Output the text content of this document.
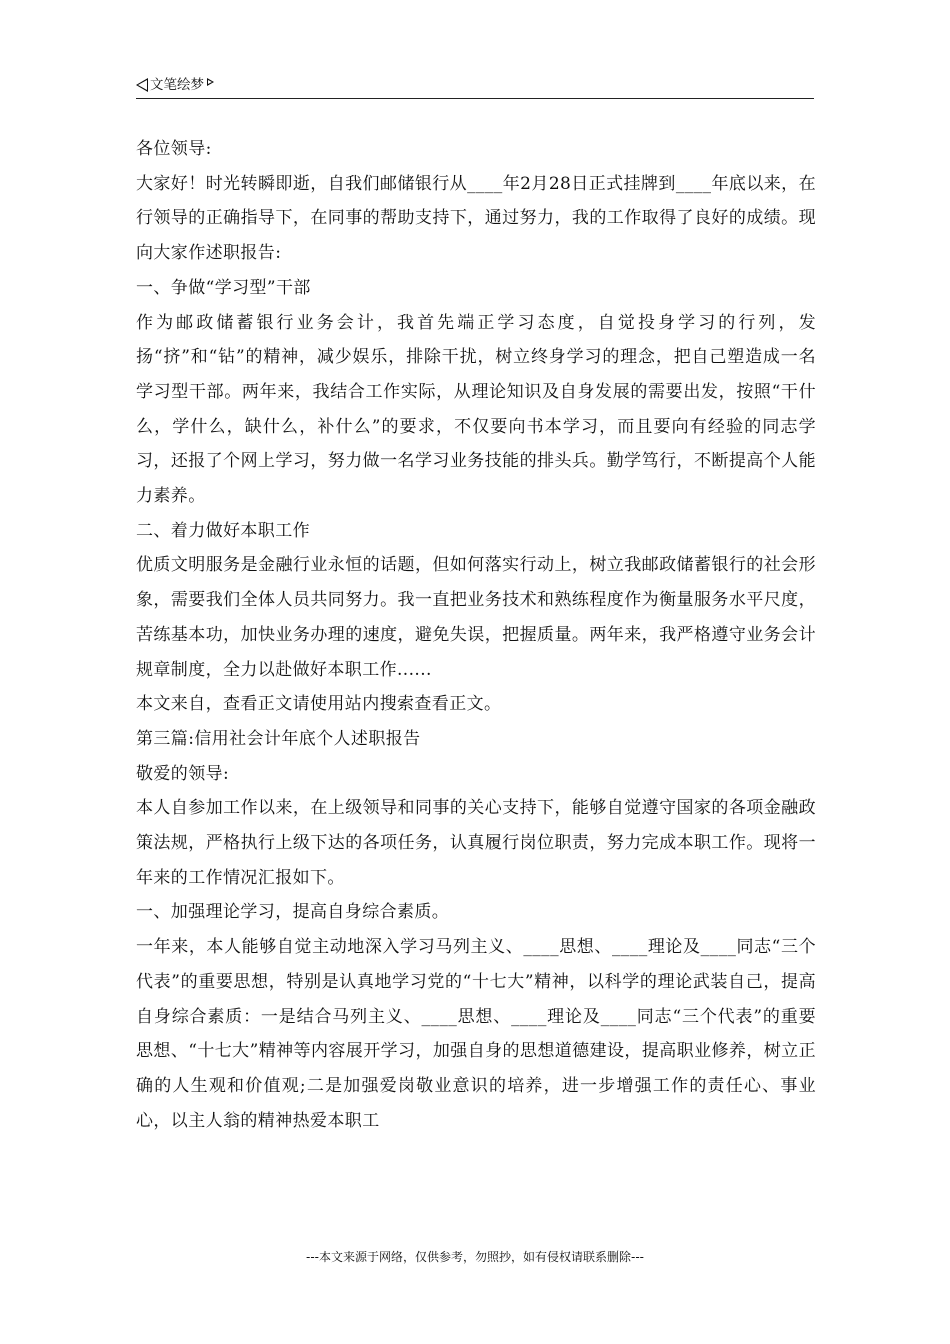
文笔绘梦

各位领导:

大家好！时光转瞬即逝，自我们邮储银行从____年2月28日正式挂牌到____年底以来，在行领导的正确指导下，在同事的帮助支持下，通过努力，我的工作取得了良好的成绩。现向大家作述职报告:

一、争做“学习型”干部

作为邮政储蓄银行业务会计，我首先端正学习态度，自觉投身学习的行列，发扬“挤”和“钻”的精神，减少娱乐，排除干扰，树立终身学习的理念，把自己塑造成一名学习型干部。两年来，我结合工作实际，从理论知识及自身发展的需要出发，按照“干什么，学什么，缺什么，补什么”的要求，不仅要向书本学习，而且要向有经验的同志学习，还报了个网上学习，努力做一名学习业务技能的排头兵。勤学笃行，不断提高个人能力素养。

二、着力做好本职工作

优质文明服务是金融行业永恒的话题，但如何落实行动上，树立我邮政储蓄银行的社会形象，需要我们全体人员共同努力。我一直把业务技术和熟练程度作为衡量服务水平尺度，苦练基本功，加快业务办理的速度，避免失误，把握质量。两年来，我严格遵守业务会计规章制度，全力以赴做好本职工作......

本文来自，查看正文请使用站内搜索查看正文。

第三篇:信用社会计年底个人述职报告

敬爱的领导:

本人自参加工作以来，在上级领导和同事的关心支持下，能够自觉遵守国家的各项金融政策法规，严格执行上级下达的各项任务，认真履行岗位职责，努力完成本职工作。现将一年来的工作情况汇报如下。

一、加强理论学习，提高自身综合素质。

一年来，本人能够自觉主动地深入学习马列主义、____思想、____理论及____同志“三个代表”的重要思想，特别是认真地学习党的“十七大”精神，以科学的理论武装自己，提高自身综合素质：一是结合马列主义、____思想、____理论及____同志“三个代表”的重要思想、“十七大”精神等内容展开学习，加强自身的思想道德建设，提高职业修养，树立正确的人生观和价值观;二是加强爱岗敬业意识的培养，进一步增强工作的责任心、事业心，以主人翁的精神热爱本职工

---本文来源于网络，仅供参考，勿照抄，如有侵权请联系删除---
